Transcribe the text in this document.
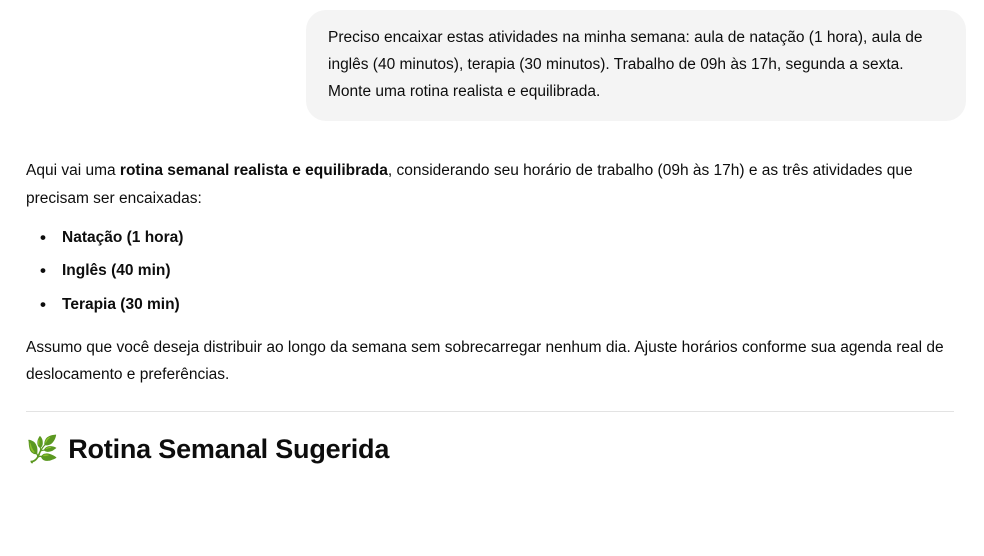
Preciso encaixar estas atividades na minha semana: aula de natação (1 hora), aula de inglês (40 minutos), terapia (30 minutos). Trabalho de 09h às 17h, segunda a sexta. Monte uma rotina realista e equilibrada.

Aqui vai uma rotina semanal realista e equilibrada, considerando seu horário de trabalho (09h às 17h) e as três atividades que precisam ser encaixadas:

• Natação (1 hora)
• Inglês (40 min)
• Terapia (30 min)

Assumo que você deseja distribuir ao longo da semana sem sobrecarregar nenhum dia. Ajuste horários conforme sua agenda real de deslocamento e preferências.

🌿 Rotina Semanal Sugerida
